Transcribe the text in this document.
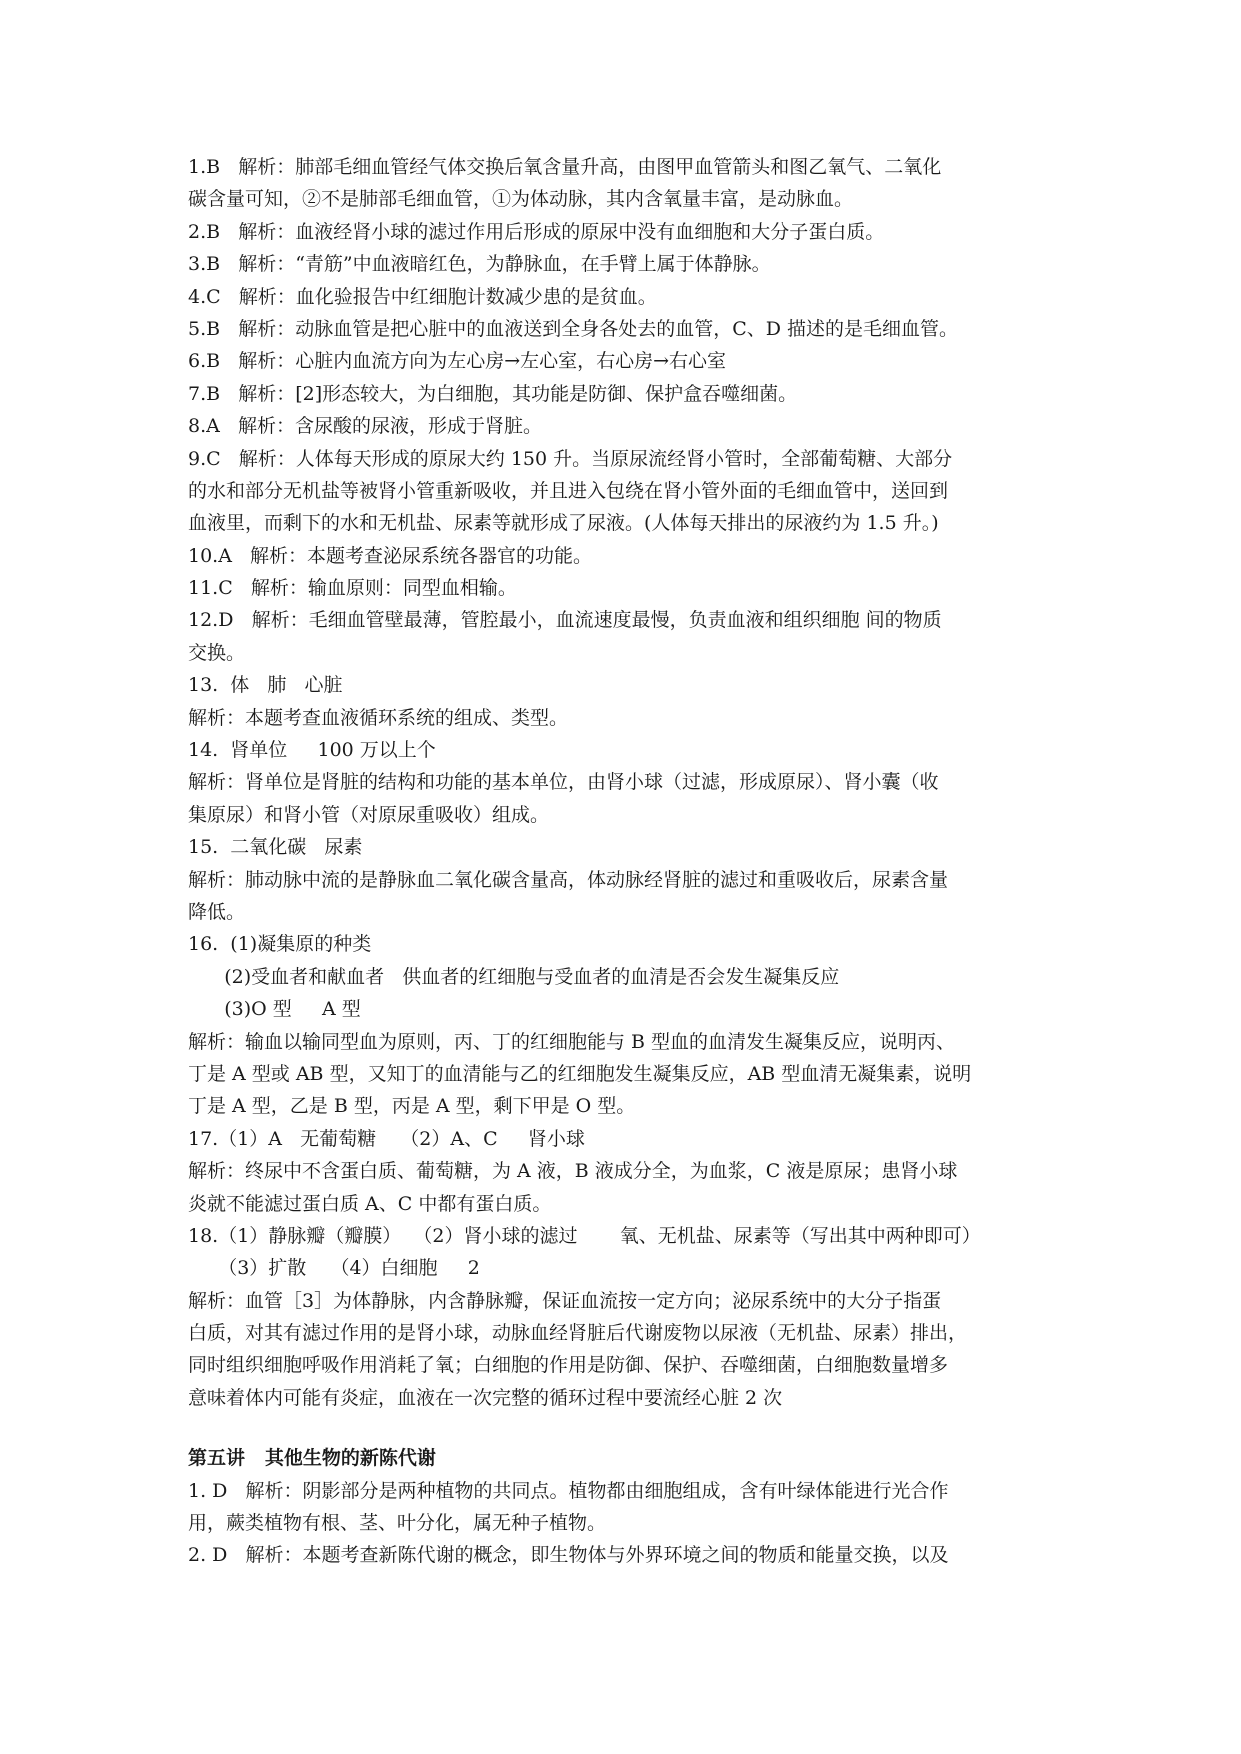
1.B   解析：肺部毛细血管经气体交换后氧含量升高，由图甲血管箭头和图乙氧气、二氧化
碳含量可知，②不是肺部毛细血管，①为体动脉，其内含氧量丰富，是动脉血。
2.B   解析：血液经肾小球的滤过作用后形成的原尿中没有血细胞和大分子蛋白质。
3.B   解析：“青筋”中血液暗红色，为静脉血，在手臂上属于体静脉。
4.C   解析：血化验报告中红细胞计数减少患的是贫血。
5.B   解析：动脉血管是把心脏中的血液送到全身各处去的血管，C、D 描述的是毛细血管。
6.B   解析：心脏内血流方向为左心房→左心室，右心房→右心室
7.B   解析：[2]形态较大，为白细胞，其功能是防御、保护盒吞噬细菌。
8.A   解析：含尿酸的尿液，形成于肾脏。
9.C   解析：人体每天形成的原尿大约 150 升。当原尿流经肾小管时，全部葡萄糖、大部分
的水和部分无机盐等被肾小管重新吸收，并且进入包绕在肾小管外面的毛细血管中，送回到
血液里，而剩下的水和无机盐、尿素等就形成了尿液。(人体每天排出的尿液约为 1.5 升。)
10.A   解析：本题考查泌尿系统各器官的功能。
11.C   解析：输血原则：同型血相输。
12.D   解析：毛细血管壁最薄，管腔最小，血流速度最慢，负责血液和组织细胞 间的物质
交换。
13.  体   肺   心脏
解析：本题考查血液循环系统的组成、类型。
14.  肾单位     100 万以上个
解析：肾单位是肾脏的结构和功能的基本单位，由肾小球（过滤，形成原尿）、肾小囊（收
集原尿）和肾小管（对原尿重吸收）组成。
15.  二氧化碳   尿素
解析：肺动脉中流的是静脉血二氧化碳含量高，体动脉经肾脏的滤过和重吸收后，尿素含量
降低。
16.  (1)凝集原的种类
(2)受血者和献血者   供血者的红细胞与受血者的血清是否会发生凝集反应
(3)O 型     A 型
解析：输血以输同型血为原则，丙、丁的红细胞能与 B 型血的血清发生凝集反应，说明丙、
丁是 A 型或 AB 型，又知丁的血清能与乙的红细胞发生凝集反应，AB 型血清无凝集素，说明
丁是 A 型，乙是 B 型，丙是 A 型，剩下甲是 O 型。
17.（1）A   无葡萄糖    （2）A、C     肾小球
解析：终尿中不含蛋白质、葡萄糖，为 A 液，B 液成分全，为血浆，C 液是原尿；患肾小球
炎就不能滤过蛋白质 A、C 中都有蛋白质。
18.（1）静脉瓣（瓣膜）  （2）肾小球的滤过       氧、无机盐、尿素等（写出其中两种即可）
（3）扩散    （4）白细胞     2
解析：血管［3］为体静脉，内含静脉瓣，保证血流按一定方向；泌尿系统中的大分子指蛋
白质，对其有滤过作用的是肾小球，动脉血经肾脏后代谢废物以尿液（无机盐、尿素）排出，
同时组织细胞呼吸作用消耗了氧；白细胞的作用是防御、保护、吞噬细菌，白细胞数量增多
意味着体内可能有炎症，血液在一次完整的循环过程中要流经心脏 2 次
第五讲   其他生物的新陈代谢
1. D   解析：阴影部分是两种植物的共同点。植物都由细胞组成，含有叶绿体能进行光合作
用，蕨类植物有根、茎、叶分化，属无种子植物。
2. D   解析：本题考查新陈代谢的概念，即生物体与外界环境之间的物质和能量交换，以及
